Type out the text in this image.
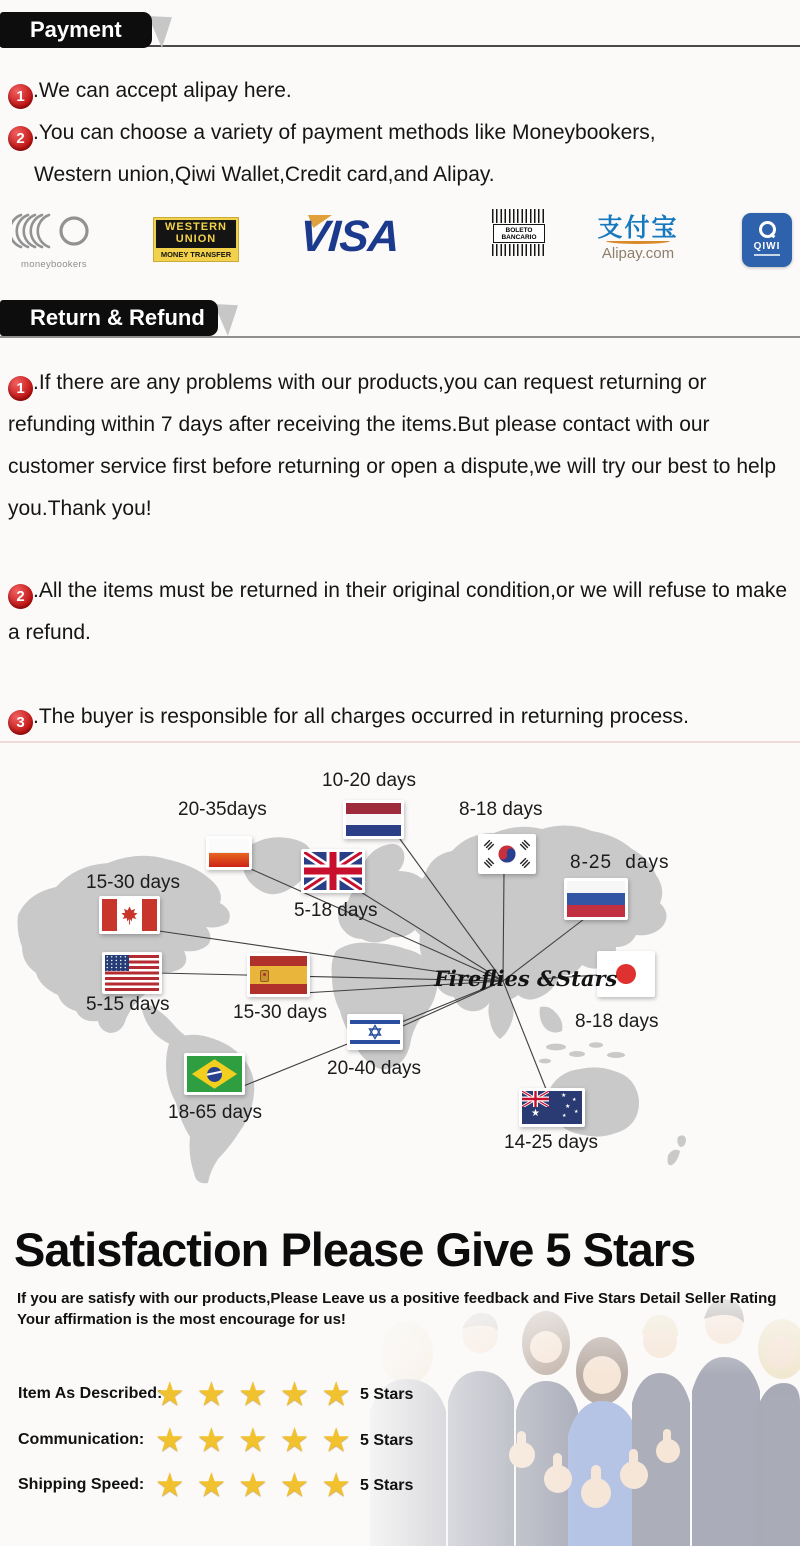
Payment
1 .We can accept alipay here.
2 .You can choose a variety of payment methods like Moneybookers,
Western union,Qiwi Wallet,Credit card,and Alipay.
moneybookers
WESTERN
UNION
MONEY TRANSFER VISA	BOLETO
BANCARIO 支付宝
Alipay.com	QIWI
Return & Refund
1 .If there are any problems with our products,you can request returning or refunding within 7 days after receiving the items.But please contact with our customer service first before returning or open a dispute,we will try our best to help you.Thank you!
2 .All the items must be returned in their original condition,or we will refuse to make a refund.
3 .The buyer is responsible for all charges occurred in returning process.
★
★
★
★
★
★
10-20 days
20-35days
5-18 days
15-30 days
8-18 days
8-25 days
8-18 days
5-15 days	15-30 days
20-40 days
18-65 days
14-25 days
Fireflies &Stars
Satisfaction Please Give 5 Stars
If you are satisfy with our products,Please Leave us a positive feedback and Five Stars Detail Seller Rating
Your affirmation is the most encourage for us!
Item As Described:
★★★★★
5 Stars
Communication: ★★★★★
5 Stars
Shipping Speed: ★★★★★
5 Stars
